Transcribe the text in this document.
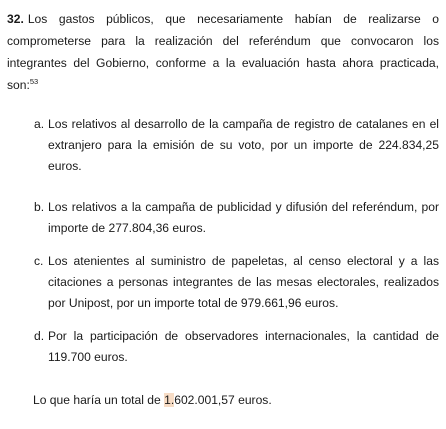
32. Los gastos públicos, que necesariamente habían de realizarse o comprometerse para la realización del referéndum que convocaron los integrantes del Gobierno, conforme a la evaluación hasta ahora practicada, son:$^{53}$

a. Los relativos al desarrollo de la campaña de registro de catalanes en el extranjero para la emisión de su voto, por un importe de 224.834,25 euros.
b. Los relativos a la campaña de publicidad y difusión del referéndum, por importe de 277.804,36 euros.
c. Los atenientes al suministro de papeletas, al censo electoral y a las citaciones a personas integrantes de las mesas electorales, realizados por Unipost, por un importe total de 979.661,96 euros.
d. Por la participación de observadores internacionales, la cantidad de 119.700 euros.
Lo que haría un total de 1.602.001,57 euros.
